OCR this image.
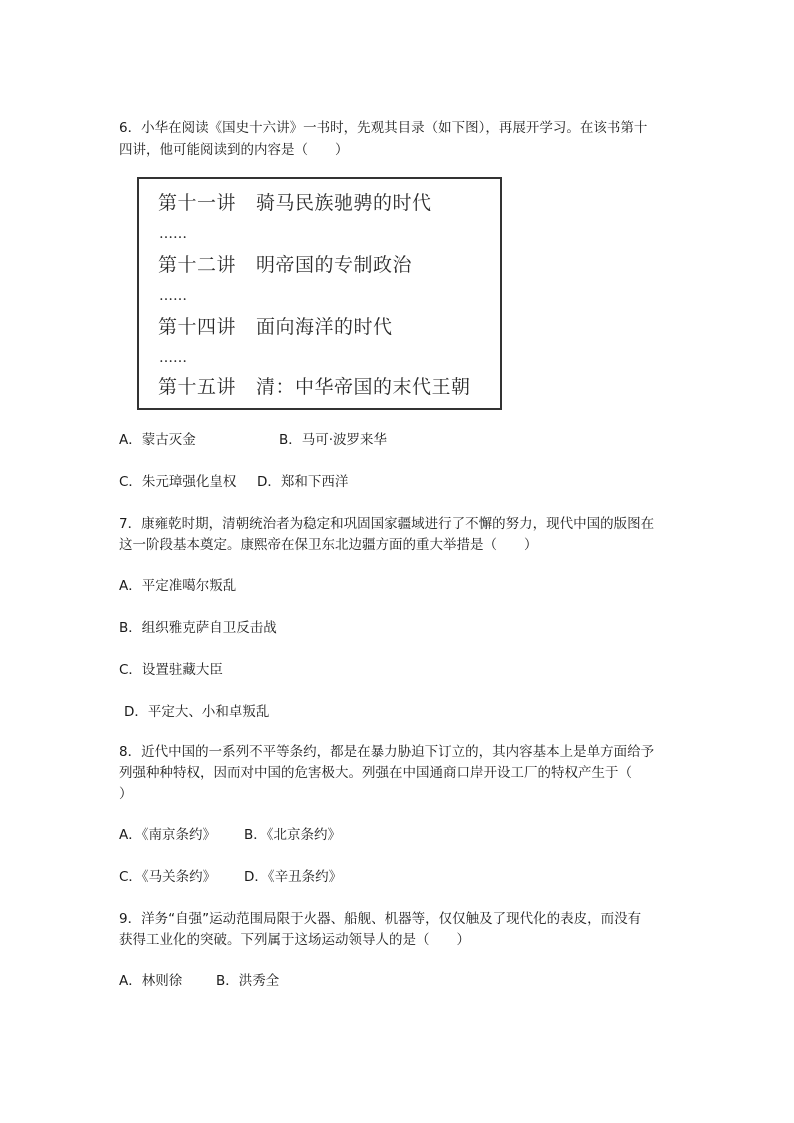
6．小华在阅读《国史十六讲》一书时，先观其目录（如下图），再展开学习。在该书第十
四讲，他可能阅读到的内容是（　　）
第十一讲 骑马民族驰骋的时代
……
第十二讲 明帝国的专制政治
……
第十四讲 面向海洋的时代
……
第十五讲 清：中华帝国的末代王朝
A．蒙古灭金	B．马可·波罗来华
C．朱元璋强化皇权 D．郑和下西洋
7．康雍乾时期，清朝统治者为稳定和巩固国家疆域进行了不懈的努力，现代中国的版图在
这一阶段基本奠定。康熙帝在保卫东北边疆方面的重大举措是（　　）
A．平定准噶尔叛乱
B．组织雅克萨自卫反击战
C．设置驻藏大臣
D．平定大、小和卓叛乱
8．近代中国的一系列不平等条约，都是在暴力胁迫下订立的，其内容基本上是单方面给予
列强种种特权，因而对中国的危害极大。列强在中国通商口岸开设工厂的特权产生于（
）
A．《南京条约》 B．《北京条约》
C．《马关条约》 D．《辛丑条约》
9．洋务“自强”运动范围局限于火器、船舰、机器等，仅仅触及了现代化的表皮，而没有
获得工业化的突破。下列属于这场运动领导人的是（　　）
A．林则徐	B．洪秀全
